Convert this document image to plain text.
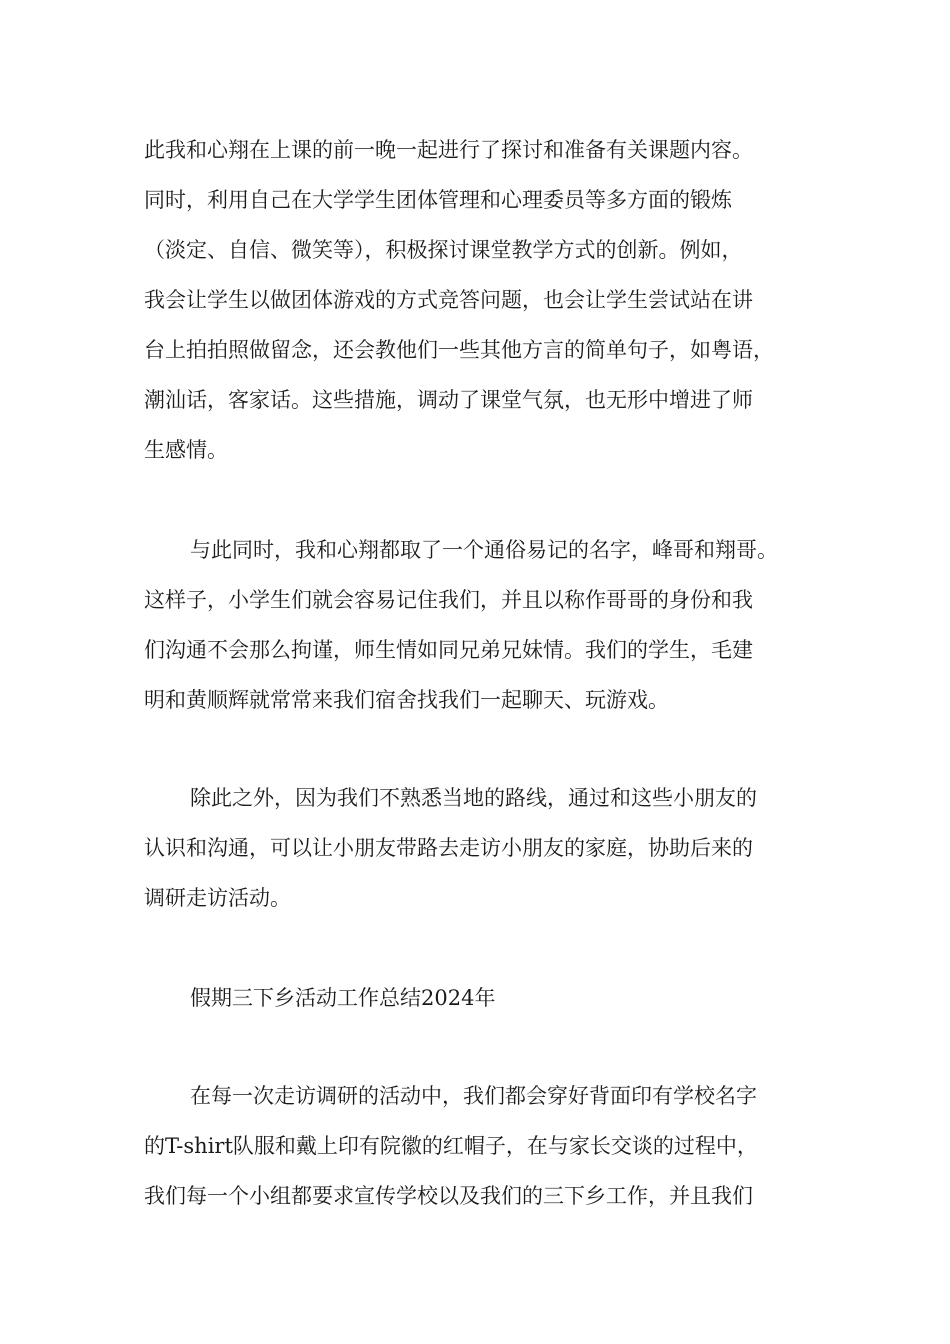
此我和心翔在上课的前一晚一起进行了探讨和准备有关课题内容。
同时，利用自己在大学学生团体管理和心理委员等多方面的锻炼
（淡定、自信、微笑等），积极探讨课堂教学方式的创新。例如，
我会让学生以做团体游戏的方式竞答问题，也会让学生尝试站在讲
台上拍拍照做留念，还会教他们一些其他方言的简单句子，如粤语，
潮汕话，客家话。这些措施，调动了课堂气氛，也无形中增进了师
生感情。
与此同时，我和心翔都取了一个通俗易记的名字，峰哥和翔哥。
这样子，小学生们就会容易记住我们，并且以称作哥哥的身份和我
们沟通不会那么拘谨，师生情如同兄弟兄妹情。我们的学生，毛建
明和黄顺辉就常常来我们宿舍找我们一起聊天、玩游戏。
除此之外，因为我们不熟悉当地的路线，通过和这些小朋友的
认识和沟通，可以让小朋友带路去走访小朋友的家庭，协助后来的
调研走访活动。
假期三下乡活动工作总结2024年
在每一次走访调研的活动中，我们都会穿好背面印有学校名字
的T-shirt队服和戴上印有院徽的红帽子，在与家长交谈的过程中，
我们每一个小组都要求宣传学校以及我们的三下乡工作，并且我们
